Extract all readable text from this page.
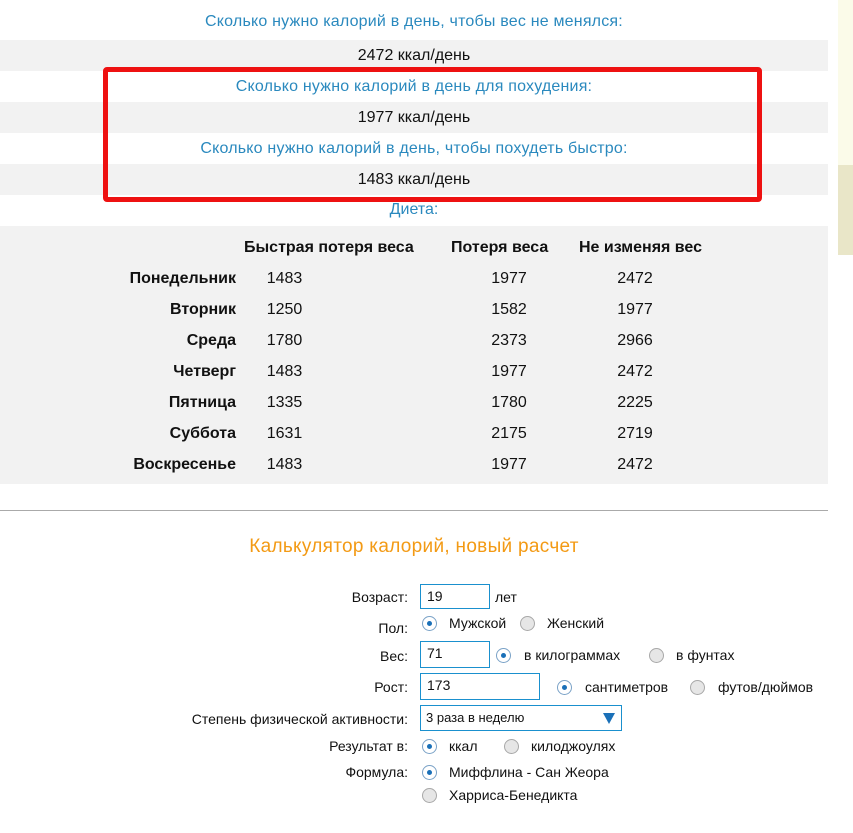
Сколько нужно калорий в день, чтобы вес не менялся:
2472 ккал/день
Сколько нужно калорий в день для похудения:
1977 ккал/день
Сколько нужно калорий в день, чтобы похудеть быстро:
1483 ккал/день
Диета:
	Быстрая потеря веса	Потеря веса	Не изменяя вес
Понедельник	1483	1977	2472
Вторник	1250	1582	1977
Среда	1780	2373	2966
Четверг	1483	1977	2472
Пятница	1335	1780	2225
Суббота	1631	2175	2719
Воскресенье	1483	1977	2472
Калькулятор калорий, новый расчет
Возраст:	19	лет
Пол:	Мужской	Женский
Вес:	71	в килограммах	в фунтах
Рост:	173	сантиметров	футов/дюймов
Степень физической активности:	3 раза в неделю
Результат в:	ккал	килоджоулях
Формула:	Миффлина - Сан Жеора
Харриса-Бенедикта
